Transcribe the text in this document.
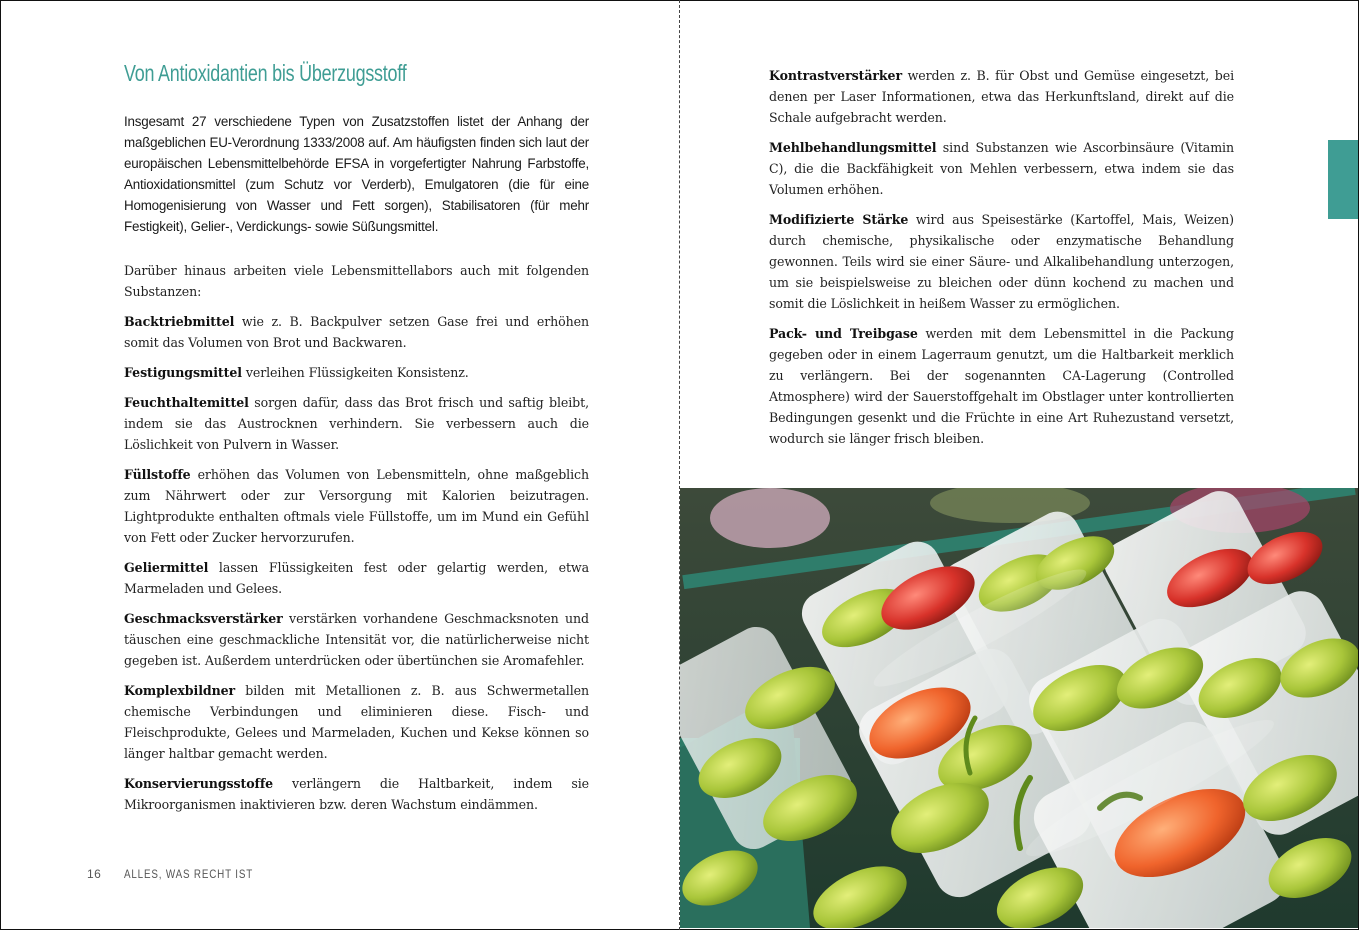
Von Antioxidantien bis Überzugsstoff

Insgesamt 27 verschiedene Typen von Zusatzstoffen listet der Anhang der maßgeblichen EU-Verordnung 1333/2008 auf. Am häufigsten finden sich laut der europäischen Lebensmittelbehörde EFSA in vorgefertigter Nahrung Farbstoffe, Antioxidationsmittel (zum Schutz vor Verderb), Emulgatoren (die für eine Homogenisierung von Wasser und Fett sorgen), Stabilisatoren (für mehr Festigkeit), Gelier-, Verdickungs- sowie Süßungsmittel.

Darüber hinaus arbeiten viele Lebensmittellabors auch mit folgenden Substanzen:

Backtriebmittel wie z. B. Backpulver setzen Gase frei und erhöhen somit das Volumen von Brot und Backwaren.

Festigungsmittel verleihen Flüssigkeiten Konsistenz.

Feuchthaltemittel sorgen dafür, dass das Brot frisch und saftig bleibt, indem sie das Austrocknen verhindern. Sie verbessern auch die Löslichkeit von Pulvern in Wasser.

Füllstoffe erhöhen das Volumen von Lebensmitteln, ohne maßgeblich zum Nährwert oder zur Versorgung mit Kalorien beizutragen. Lightprodukte enthalten oftmals viele Füllstoffe, um im Mund ein Gefühl von Fett oder Zucker hervorzurufen.

Geliermittel lassen Flüssigkeiten fest oder gelartig werden, etwa Marmeladen und Gelees.

Geschmacksverstärker verstärken vorhandene Geschmacksnoten und täuschen eine geschmackliche Intensität vor, die natürlicherweise nicht gegeben ist. Außerdem unterdrücken oder übertünchen sie Aromafehler.

Komplexbildner bilden mit Metallionen z. B. aus Schwermetallen chemische Verbindungen und eliminieren diese. Fisch- und Fleischprodukte, Gelees und Marmeladen, Kuchen und Kekse können so länger haltbar gemacht werden.

Konservierungsstoffe verlängern die Haltbarkeit, indem sie Mikroorganismen inaktivieren bzw. deren Wachstum eindämmen.

16 ALLES, WAS RECHT IST

Kontrastverstärker werden z. B. für Obst und Gemüse eingesetzt, bei denen per Laser Informationen, etwa das Herkunftsland, direkt auf die Schale aufgebracht werden.

Mehlbehandlungsmittel sind Substanzen wie Ascorbinsäure (Vitamin C), die die Backfähigkeit von Mehlen verbessern, etwa indem sie das Volumen erhöhen.

Modifizierte Stärke wird aus Speisestärke (Kartoffel, Mais, Weizen) durch chemische, physikalische oder enzymatische Behandlung gewonnen. Teils wird sie einer Säure- und Alkalibehandlung unterzogen, um sie beispielsweise zu bleichen oder dünn kochend zu machen und somit die Löslichkeit in heißem Wasser zu ermöglichen.

Pack- und Treibgase werden mit dem Lebensmittel in die Packung gegeben oder in einem Lagerraum genutzt, um die Haltbarkeit merklich zu verlängern. Bei der sogenannten CA-Lagerung (Controlled Atmosphere) wird der Sauerstoffgehalt im Obstlager unter kontrollierten Bedingungen gesenkt und die Früchte in eine Art Ruhezustand versetzt, wodurch sie länger frisch bleiben.
